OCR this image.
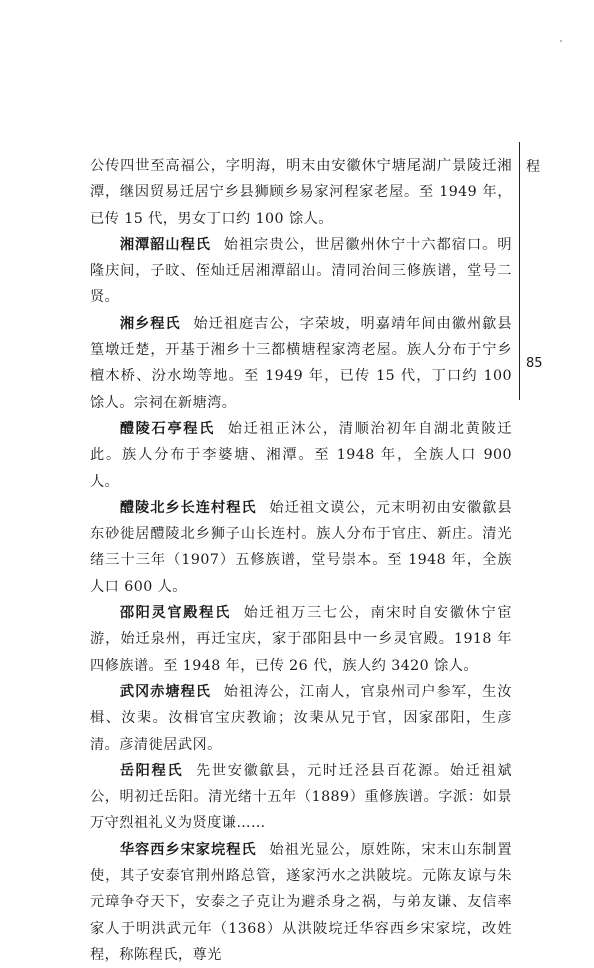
公传四世至高福公，字明海，明末由安徽休宁塘尾湖广景陵迁湘潭，继因贸易迁居宁乡县狮顾乡易家河程家老屋。至 1949 年，已传 15 代，男女丁口约 100 馀人。

湘潭韶山程氏 始祖宗贵公，世居徽州休宁十六都宿口。明隆庆间，子旼、侄灿迁居湘潭韶山。清同治间三修族谱，堂号二贤。

湘乡程氏 始迁祖庭吉公，字荣坡，明嘉靖年间由徽州歙县篁墩迁楚，开基于湘乡十三都横塘程家湾老屋。族人分布于宁乡檀木桥、汾水坳等地。至 1949 年，已传 15 代，丁口约 100 馀人。宗祠在新塘湾。

醴陵石亭程氏 始迁祖正沐公，清顺治初年自湖北黄陂迁此。族人分布于李婆塘、湘潭。至 1948 年，全族人口 900 人。

醴陵北乡长连村程氏 始迁祖文谟公，元末明初由安徽歙县东砂徙居醴陵北乡狮子山长连村。族人分布于官庄、新庄。清光绪三十三年（1907）五修族谱，堂号崇本。至 1948 年，全族人口 600 人。

邵阳灵官殿程氏 始迁祖万三七公，南宋时自安徽休宁宦游，始迁泉州，再迁宝庆，家于邵阳县中一乡灵官殿。1918 年四修族谱。至 1948 年，已传 26 代，族人约 3420 馀人。

武冈赤塘程氏 始祖涛公，江南人，官泉州司户参军，生汝楫、汝棐。汝楫官宝庆教谕；汝棐从兄于官，因家邵阳，生彦清。彦清徙居武冈。

岳阳程氏 先世安徽歙县，元时迁泾县百花源。始迁祖斌公，明初迁岳阳。清光绪十五年（1889）重修族谱。字派：如景万守烈祖礼义为贤度谦……

华容西乡宋家垸程氏 始祖光显公，原姓陈，宋末山东制置使，其子安泰官荆州路总管，遂家沔水之洪陂垸。元陈友谅与朱元璋争夺天下，安泰之子克让为避杀身之祸，与弟友谦、友信率家人于明洪武元年（1368）从洪陂垸迁华容西乡宋家垸，改姓程，称陈程氏，尊光

程
85
